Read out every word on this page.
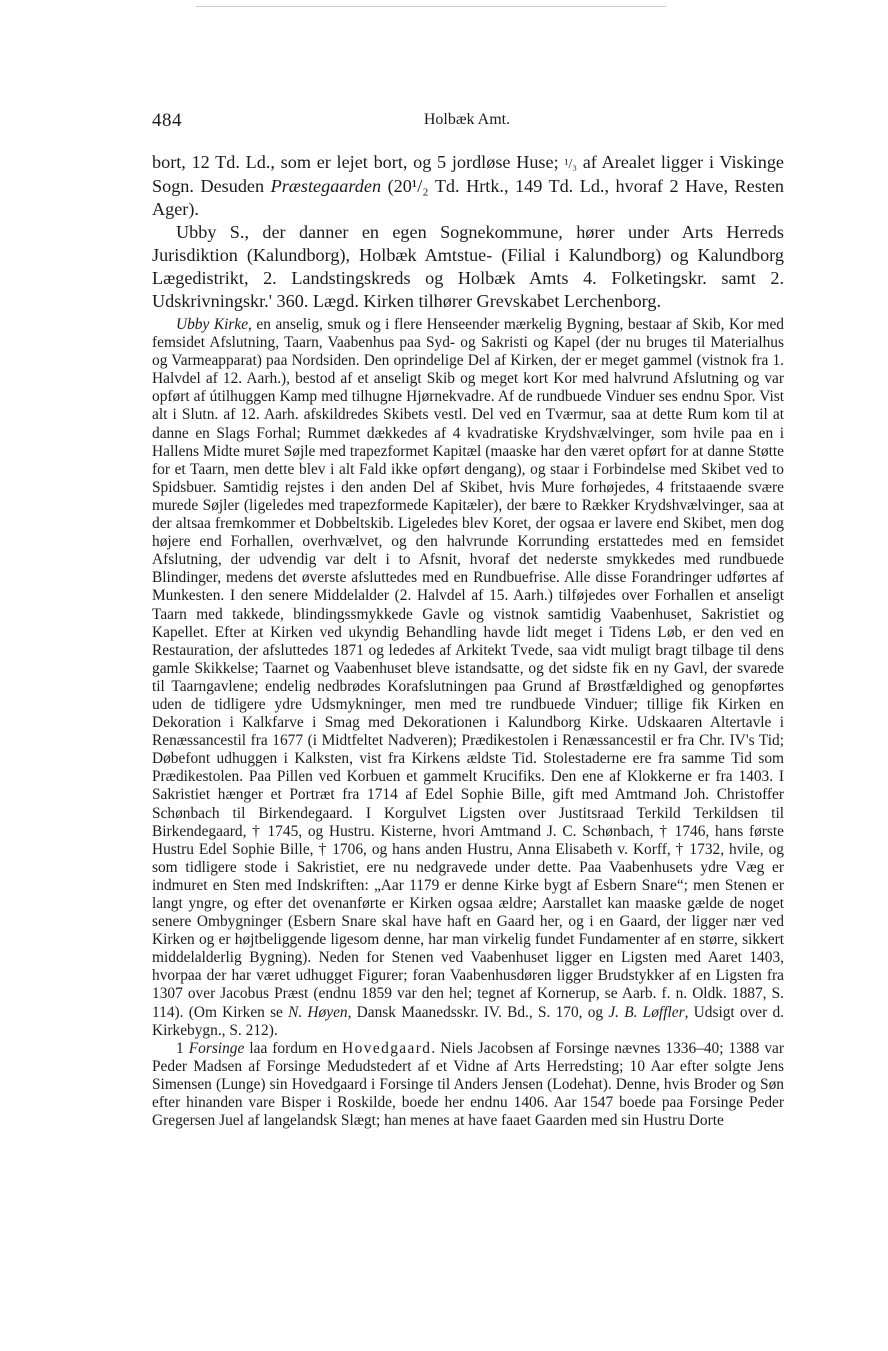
484	Holbæk Amt.

bort, 12 Td. Ld., som er lejet bort, og 5 jordløse Huse; ¹/₃ af Arealet ligger i Viskinge Sogn. Desuden Præstegaarden (20¹/₂ Td. Hrtk., 149 Td. Ld., hvoraf 2 Have, Resten Ager).

Ubby S., der danner en egen Sognekommune, hører under Arts Herreds Jurisdiktion (Kalundborg), Holbæk Amtstue- (Filial i Kalundborg) og Kalundborg Lægedistrikt, 2. Landstingskreds og Holbæk Amts 4. Folketingskr. samt 2. Udskrivningskr.' 360. Lægd. Kirken tilhører Grevskabet Lerchenborg.

Ubby Kirke, en anselig, smuk og i flere Henseender mærkelig Bygning, bestaar af Skib, Kor med femsidet Afslutning, Taarn, Vaabenhus paa Syd- og Sakristi og Kapel (der nu bruges til Materialhus og Varmeapparat) paa Nordsiden. Den oprindelige Del af Kirken, der er meget gammel (vistnok fra 1. Halvdel af 12. Aarh.), bestod af et anseligt Skib og meget kort Kor med halvrund Afslutning og var opført af útilhuggen Kamp med tilhugne Hjørnekvadre. Af de rundbuede Vinduer ses endnu Spor. Vist alt i Slutn. af 12. Aarh. afskildredes Skibets vestl. Del ved en Tværmur, saa at dette Rum kom til at danne en Slags Forhal; Rummet dækkedes af 4 kvadratiske Krydshvælvinger, som hvile paa en i Hallens Midte muret Søjle med trapezformet Kapitæl (maaske har den været opført for at danne Støtte for et Taarn, men dette blev i alt Fald ikke opført dengang), og staar i Forbindelse med Skibet ved to Spidsbuer. Samtidig rejstes i den anden Del af Skibet, hvis Mure forhøjedes, 4 fritstaaende svære murede Søjler (ligeledes med trapezformede Kapitæler), der bære to Rækker Krydshvælvinger, saa at der altsaa fremkommer et Dobbeltskib. Ligeledes blev Koret, der ogsaa er lavere end Skibet, men dog højere end Forhallen, overhvælvet, og den halvrunde Korrunding erstattedes med en femsidet Afslutning, der udvendig var delt i to Afsnit, hvoraf det nederste smykkedes med rundbuede Blindinger, medens det øverste afsluttedes med en Rundbuefrise. Alle disse Forandringer udførtes af Munkesten. I den senere Middelalder (2. Halvdel af 15. Aarh.) tilføjedes over Forhallen et anseligt Taarn med takkede, blindingssmykkede Gavle og vistnok samtidig Vaabenhuset, Sakristiet og Kapellet. Efter at Kirken ved ukyndig Behandling havde lidt meget i Tidens Løb, er den ved en Restauration, der afsluttedes 1871 og lededes af Arkitekt Tvede, saa vidt muligt bragt tilbage til dens gamle Skikkelse; Taarnet og Vaabenhuset bleve istandsatte, og det sidste fik en ny Gavl, der svarede til Taarngavlene; endelig nedbrødes Korafslutningen paa Grund af Brøstfældighed og genopførtes uden de tidligere ydre Udsmykninger, men med tre rundbuede Vinduer; tillige fik Kirken en Dekoration i Kalkfarve i Smag med Dekorationen i Kalundborg Kirke. Udskaaren Altertavle i Renæssancestil fra 1677 (i Midtfeltet Nadveren); Prædikestolen i Renæssancestil er fra Chr. IV's Tid; Døbefont udhuggen i Kalksten, vist fra Kirkens ældste Tid. Stolestaderne ere fra samme Tid som Prædikestolen. Paa Pillen ved Korbuen et gammelt Krucifiks. Den ene af Klokkerne er fra 1403. I Sakristiet hænger et Portræt fra 1714 af Edel Sophie Bille, gift med Amtmand Joh. Christoffer Schønbach til Birkendegaard. I Korgulvet Ligsten over Justitsraad Terkild Terkildsen til Birkendegaard, † 1745, og Hustru. Kisterne, hvori Amtmand J. C. Schønbach, † 1746, hans første Hustru Edel Sophie Bille, † 1706, og hans anden Hustru, Anna Elisabeth v. Korff, † 1732, hvile, og som tidligere stode i Sakristiet, ere nu nedgravede under dette. Paa Vaabenhusets ydre Væg er indmuret en Sten med Indskriften: „Aar 1179 er denne Kirke bygt af Esbern Snare“; men Stenen er langt yngre, og efter det ovenanførte er Kirken ogsaa ældre; Aarstallet kan maaske gælde de noget senere Ombygninger (Esbern Snare skal have haft en Gaard her, og i en Gaard, der ligger nær ved Kirken og er højtbeliggende ligesom denne, har man virkelig fundet Fundamenter af en større, sikkert middelalderlig Bygning). Neden for Stenen ved Vaabenhuset ligger en Ligsten med Aaret 1403, hvorpaa der har været udhugget Figurer; foran Vaabenhusdøren ligger Brudstykker af en Ligsten fra 1307 over Jacobus Præst (endnu 1859 var den hel; tegnet af Kornerup, se Aarb. f. n. Oldk. 1887, S. 114). (Om Kirken se N. Høyen, Dansk Maanedsskr. IV. Bd., S. 170, og J. B. Løffler, Udsigt over d. Kirkebygn., S. 212).

1 Forsinge laa fordum en Hovedgaard. Niels Jacobsen af Forsinge nævnes 1336–40; 1388 var Peder Madsen af Forsinge Medudstedert af et Vidne af Arts Herredsting; 10 Aar efter solgte Jens Simensen (Lunge) sin Hovedgaard i Forsinge til Anders Jensen (Lodehat). Denne, hvis Broder og Søn efter hinanden vare Bisper i Roskilde, boede her endnu 1406. Aar 1547 boede paa Forsinge Peder Gregersen Juel af langelandsk Slægt; han menes at have faaet Gaarden med sin Hustru Dorte
